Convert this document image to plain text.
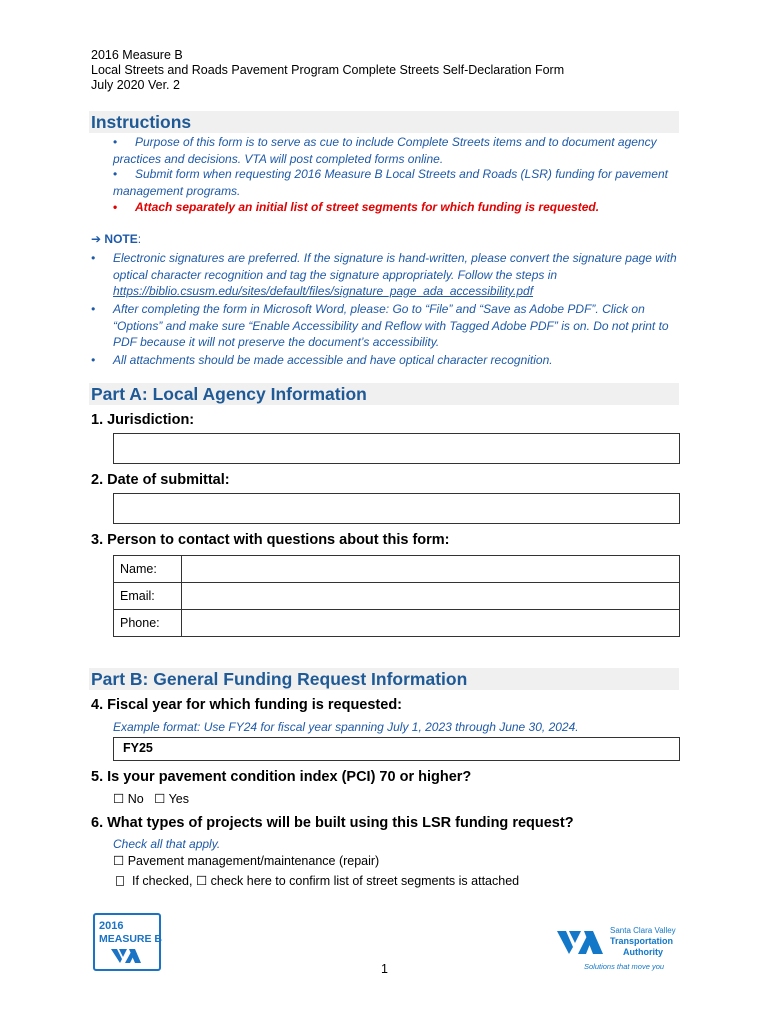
2016 Measure B
Local Streets and Roads Pavement Program Complete Streets Self-Declaration Form
July 2020 Ver. 2
Instructions
• Purpose of this form is to serve as cue to include Complete Streets items and to document agency practices and decisions. VTA will post completed forms online.
• Submit form when requesting 2016 Measure B Local Streets and Roads (LSR) funding for pavement management programs.
• Attach separately an initial list of street segments for which funding is requested.
➔ NOTE:
• Electronic signatures are preferred. If the signature is hand-written, please convert the signature page with optical character recognition and tag the signature appropriately. Follow the steps in https://biblio.csusm.edu/sites/default/files/signature_page_ada_accessibility.pdf
• After completing the form in Microsoft Word, please: Go to “File” and “Save as Adobe PDF”. Click on “Options” and make sure “Enable Accessibility and Reflow with Tagged Adobe PDF” is on. Do not print to PDF because it will not preserve the document’s accessibility.
• All attachments should be made accessible and have optical character recognition.
Part A: Local Agency Information
1. Jurisdiction:
2. Date of submittal:
3. Person to contact with questions about this form:
Name:	
Email:	
Phone:	
Part B: General Funding Request Information
4. Fiscal year for which funding is requested:
Example format: Use FY24 for fiscal year spanning July 1, 2023 through June 30, 2024.
FY25
5. Is your pavement condition index (PCI) 70 or higher?
☐ No ☐ Yes
6. What types of projects will be built using this LSR funding request?
Check all that apply.
☐ Pavement management/maintenance (repair)
If checked, ☐ check here to confirm list of street segments is attached
2016
MEASURE B
1
Santa Clara Valley
Transportation
Authority
Solutions that move you
